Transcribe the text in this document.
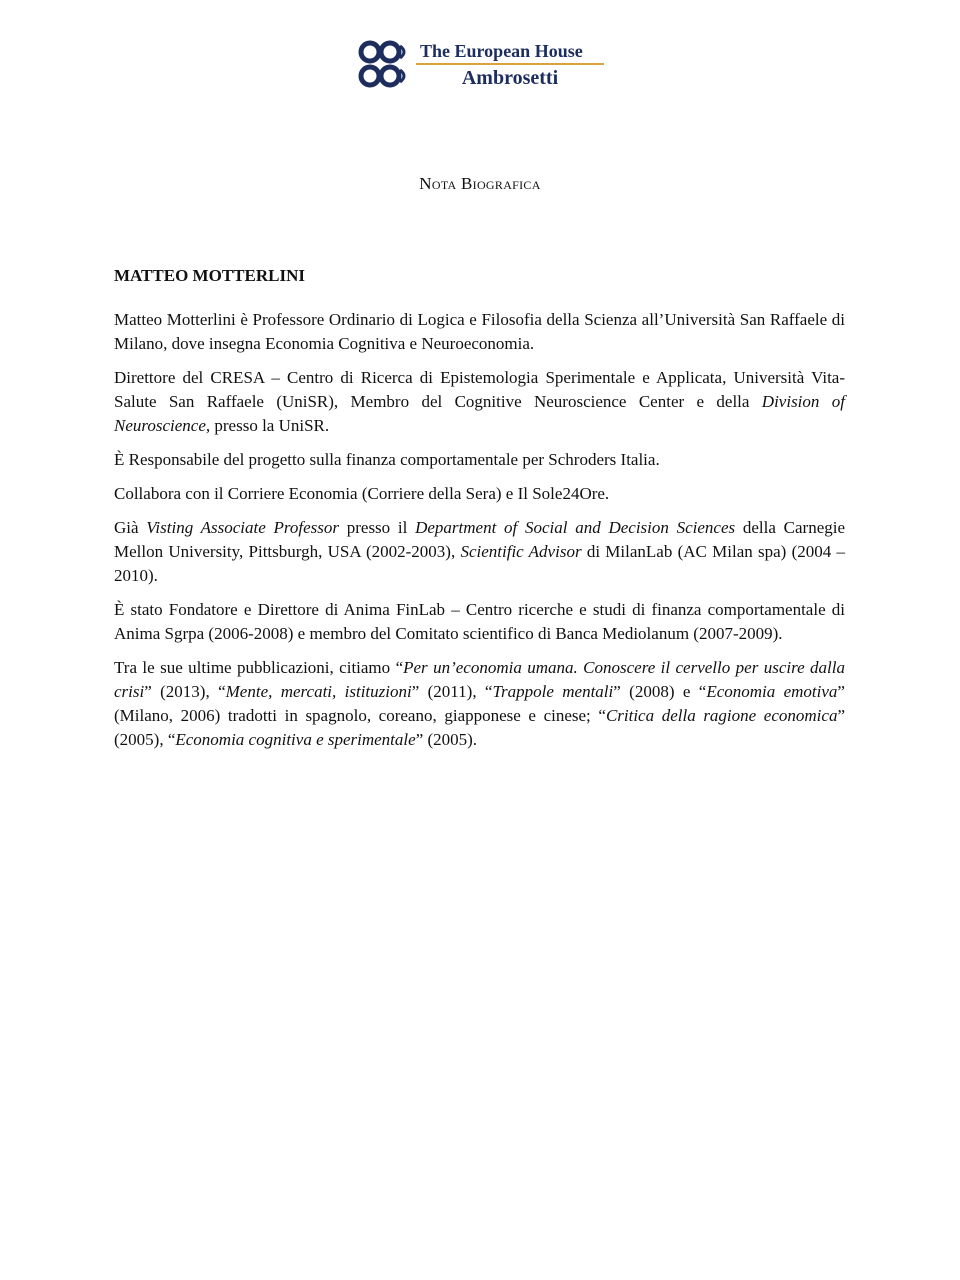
The European House
Ambrosetti
Nota Biografica
MATTEO MOTTERLINI

Matteo Motterlini è Professore Ordinario di Logica e Filosofia della Scienza all’Università San Raffaele di Milano, dove insegna Economia Cognitiva e Neuroeconomia.

Direttore del CRESA – Centro di Ricerca di Epistemologia Sperimentale e Applicata, Università Vita-Salute San Raffaele (UniSR), Membro del Cognitive Neuroscience Center e della Division of Neuroscience, presso la UniSR.

È Responsabile del progetto sulla finanza comportamentale per Schroders Italia.

Collabora con il Corriere Economia (Corriere della Sera) e Il Sole24Ore.

Già Visting Associate Professor presso il Department of Social and Decision Sciences della Carnegie Mellon University, Pittsburgh, USA (2002-2003), Scientific Advisor di MilanLab (AC Milan spa) (2004 – 2010).

È stato Fondatore e Direttore di Anima FinLab – Centro ricerche e studi di finanza comportamentale di Anima Sgrpa (2006-2008) e membro del Comitato scientifico di Banca Mediolanum (2007-2009).

Tra le sue ultime pubblicazioni, citiamo “Per un’economia umana. Conoscere il cervello per uscire dalla crisi” (2013), “Mente, mercati, istituzioni” (2011), “Trappole mentali” (2008) e “Economia emotiva” (Milano, 2006) tradotti in spagnolo, coreano, giapponese e cinese; “Critica della ragione economica” (2005), “Economia cognitiva e sperimentale” (2005).
